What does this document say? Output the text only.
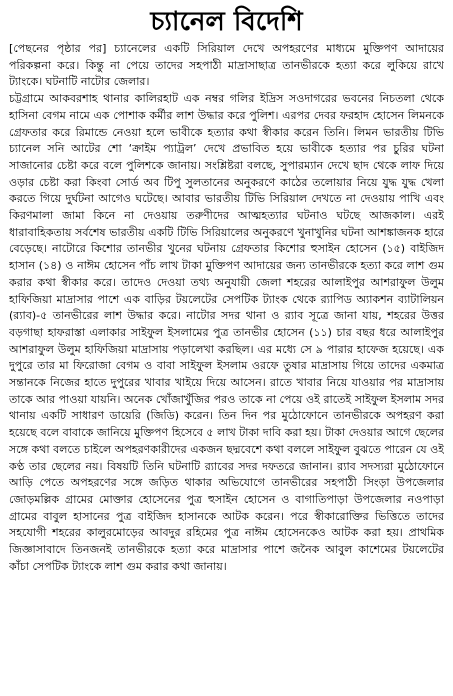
চ্যানেল বিদেশি

[পেছনের পৃষ্ঠার পর] চ্যানেলের একটি সিরিয়াল দেখে অপহরণের মাধ্যমে মুক্তিপণ আদায়ের পরিকল্পনা করে। কিন্তু না পেয়ে তাদের সহপাঠী মাদ্রাসাছাত্র তানভীরকে হত্যা করে লুকিয়ে রাখে ট্যাংকে। ঘটনাটি নাটোর জেলার।

চট্টগ্রামে আকবরশাহ থানার কালিরহাট এক নম্বর গলির ইদ্রিস সওদাগরের ভবনের নিচতলা থেকে হাসিনা বেগম নামে এক পোশাক কর্মীর লাশ উদ্ধার করে পুলিশ। এরপর দেবর ফরহাদ হোসেন লিমনকে গ্রেফতার করে রিমান্ডে নেওয়া হলে ভাবীকে হত্যার কথা স্বীকার করেন তিনি। লিমন ভারতীয় টিভি চ্যানেল সনি আটের শো ‘ক্রাইম প্যাট্রল’ দেখে প্রভাবিত হয়ে ভাবীকে হত্যার পর চুরির ঘটনা সাজানোর চেষ্টা করে বলে পুলিশকে জানায়। সংশ্লিষ্টরা বলছে, সুপারম্যান দেখে ছাদ থেকে লাফ দিয়ে ওড়ার চেষ্টা করা কিংবা সোর্ড অব টিপু সুলতানের অনুকরণে কাঠের তলোয়ার নিয়ে যুদ্ধ যুদ্ধ খেলা করতে গিয়ে দুর্ঘটনা আগেও ঘটেছে। আবার ভারতীয় টিভি সিরিয়াল দেখতে না দেওয়ায় পাখি এবং কিরণমালা জামা কিনে না দেওয়ায় তরুণীদের আত্মহত্যার ঘটনাও ঘটছে আজকাল। এরই ধারাবাহিকতায় সর্বশেষ ভারতীয় একটি টিভি সিরিয়ালের অনুকরণে খুনাখুনির ঘটনা আশঙ্কাজনক হারে বেড়েছে। নাটোরে কিশোর তানভীর খুনের ঘটনায় গ্রেফতার কিশোর হুসাইন হোসেন (১৫) বাইজিদ হাসান (১৪) ও নাঈম হোসেন পাঁচ লাখ টাকা মুক্তিপণ আদায়ের জন্য তানভীরকে হত্যা করে লাশ গুম করার কথা স্বীকার করে। তাদেও দেওয়া তথ্য অনুযায়ী জেলা শহরের আলাইপুর আশরাফুল উলুম হাফিজিয়া মাদ্রাসার পাশে এক বাড়ির টয়লেটের সেপটিক ট্যাংক থেকে র‌্যাপিড অ্যাকশন ব্যাটালিয়ন (র‌্যাব)-৫ তানভীরের লাশ উদ্ধার করে। নাটোর সদর থানা ও র‌্যাব সূত্রে জানা যায়, শহরের উত্তর বড়গাছা হাফরাস্তা এলাকার সাইফুল ইসলামের পুত্র তানভীর হোসেন (১১) চার বছর ধরে আলাইপুর আশরাফুল উলুম হাফিজিয়া মাদ্রাসায় পড়ালেখা করছিল। এর মধ্যে সে ৯ পারার হাফেজ হয়েছে। এক দুপুরে তার মা ফিরোজা বেগম ও বাবা সাইফুল ইসলাম ওরফে তুষার মাদ্রাসায় গিয়ে তাদের একমাত্র সন্তানকে নিজের হাতে দুপুরের খাবার খাইয়ে দিয়ে আসেন। রাতে খাবার নিয়ে যাওয়ার পর মাদ্রাসায় তাকে আর পাওয়া যায়নি। অনেক খোঁজাখুঁজির পরও তাকে না পেয়ে ওই রাতেই সাইফুল ইসলাম সদর থানায় একটি সাধারণ ডায়েরি (জিডি) করেন। তিন দিন পর মুঠোফোনে তানভীরকে অপহরণ করা হয়েছে বলে বাবাকে জানিয়ে মুক্তিপণ হিসেবে ৫ লাখ টাকা দাবি করা হয়। টাকা দেওয়ার আগে ছেলের সঙ্গে কথা বলতে চাইলে অপহরণকারীদের একজন ছদ্মবেশে কথা বললে সাইফুল বুঝতে পারেন যে ওই কণ্ঠ তার ছেলের নয়। বিষয়টি তিনি ঘটনাটি র‌্যাবের সদর দফতরে জানান। র‌্যাব সদস্যরা মুঠোফোনে আড়ি পেতে অপহরণের সঙ্গে জড়িত থাকার অভিযোগে তানভীরের সহপাঠী সিংড়া উপজেলার জোড়মল্লিক গ্রামের মোক্তার হোসেনের পুত্র হুসাইন হোসেন ও বাগাতিপাড়া উপজেলার নওপাড়া গ্রামের বাবুল হাসানের পুত্র বাইজিদ হাসানকে আটক করেন। পরে স্বীকারোক্তির ভিত্তিতে তাদের সহযোগী শহরের কালুরমোড়ের আবদুর রহিমের পুত্র নাঈম হোসেনকেও আটক করা হয়। প্রাথমিক জিজ্ঞাসাবাদে তিনজনই তানভীরকে হত্যা করে মাদ্রাসার পাশে জনৈক আবুল কাশেমের টয়লেটের কাঁচা সেপটিক ট্যাংকে লাশ গুম করার কথা জানায়।
